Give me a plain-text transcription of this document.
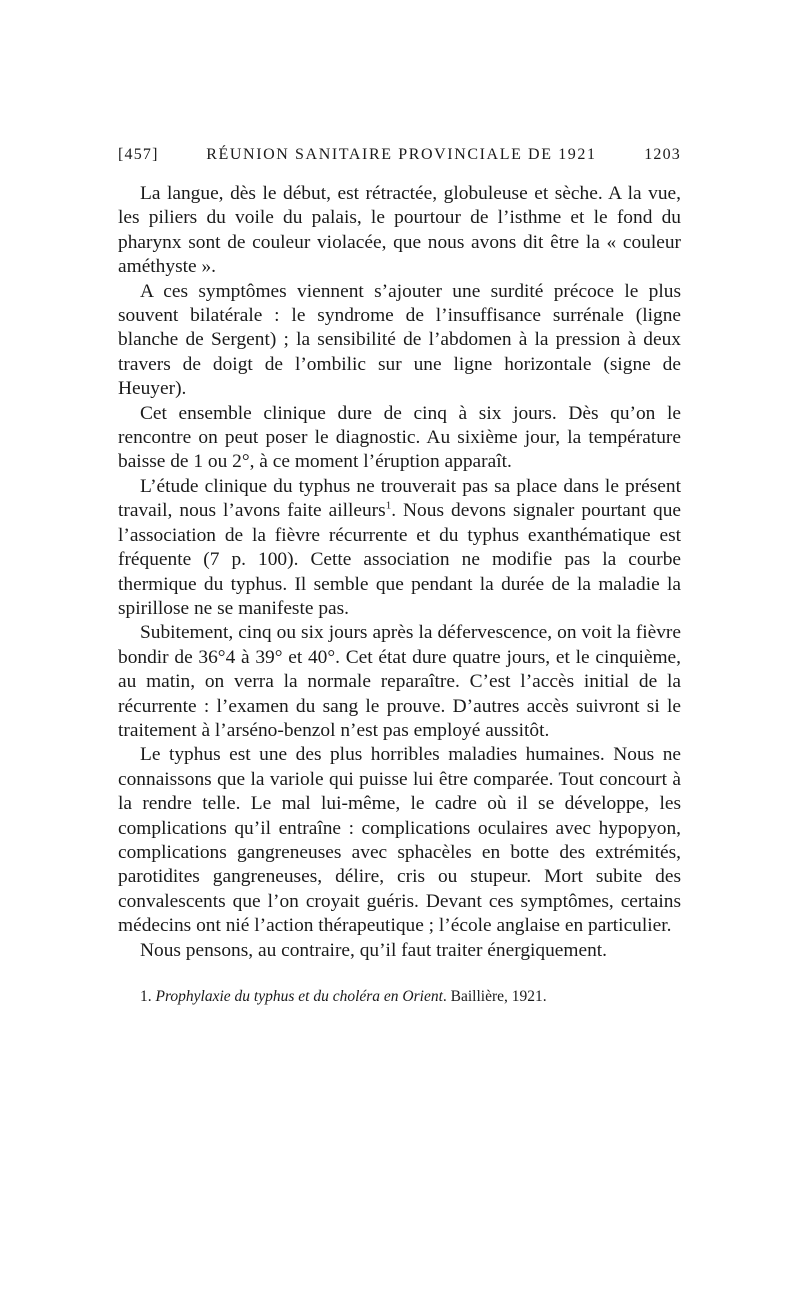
[457]	RÉUNION SANITAIRE PROVINCIALE DE 1921	1203

La langue, dès le début, est rétractée, globuleuse et sèche. A la vue, les piliers du voile du palais, le pourtour de l’isthme et le fond du pharynx sont de couleur violacée, que nous avons dit être la « couleur améthyste ».

A ces symptômes viennent s’ajouter une surdité précoce le plus souvent bilatérale : le syndrome de l’insuffisance surrénale (ligne blanche de Sergent) ; la sensibilité de l’abdomen à la pression à deux travers de doigt de l’ombilic sur une ligne horizontale (signe de Heuyer).

Cet ensemble clinique dure de cinq à six jours. Dès qu’on le rencontre on peut poser le diagnostic. Au sixième jour, la température baisse de 1 ou 2°, à ce moment l’éruption apparaît.

L’étude clinique du typhus ne trouverait pas sa place dans le présent travail, nous l’avons faite ailleurs$^1$. Nous devons signaler pourtant que l’association de la fièvre récurrente et du typhus exanthématique est fréquente (7 p. 100). Cette association ne modifie pas la courbe thermique du typhus. Il semble que pendant la durée de la maladie la spirillose ne se manifeste pas.

Subitement, cinq ou six jours après la défervescence, on voit la fièvre bondir de 36°4 à 39° et 40°. Cet état dure quatre jours, et le cinquième, au matin, on verra la normale reparaître. C’est l’accès initial de la récurrente : l’examen du sang le prouve. D’autres accès suivront si le traitement à l’arséno-benzol n’est pas employé aussitôt.

Le typhus est une des plus horribles maladies humaines. Nous ne connaissons que la variole qui puisse lui être comparée. Tout concourt à la rendre telle. Le mal lui-même, le cadre où il se développe, les complications qu’il entraîne : complications oculaires avec hypopyon, complications gangreneuses avec sphacèles en botte des extrémités, parotidites gangreneuses, délire, cris ou stupeur. Mort subite des convalescents que l’on croyait guéris. Devant ces symptômes, certains médecins ont nié l’action thérapeutique ; l’école anglaise en particulier.

Nous pensons, au contraire, qu’il faut traiter énergiquement.

1. Prophylaxie du typhus et du choléra en Orient. Baillière, 1921.
